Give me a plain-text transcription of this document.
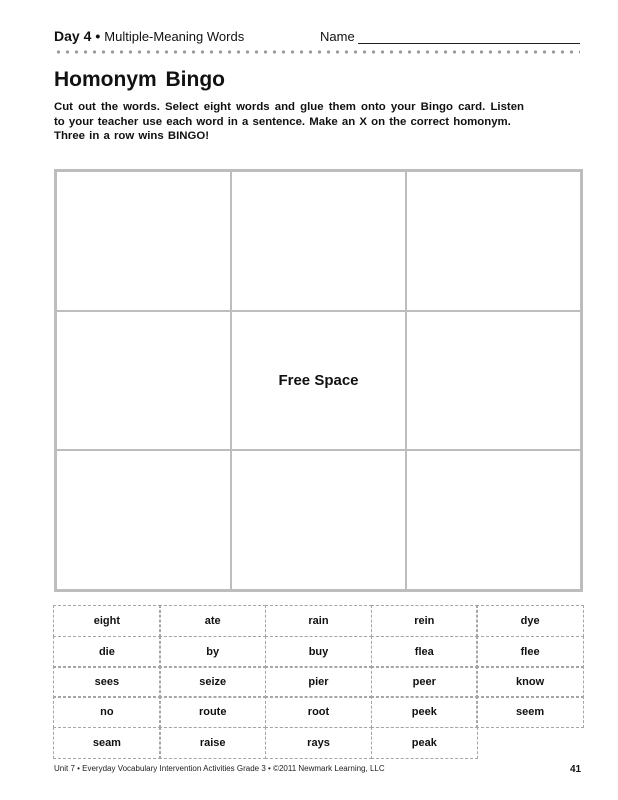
Day 4 • Multiple-Meaning Words	Name
Homonym Bingo

Cut out the words. Select eight words and glue them onto your Bingo card. Listen to your teacher use each word in a sentence. Make an X on the correct homonym.

Three in a row wins BINGO!

Free Space
eight	ate	rain	rein	dye
die	by	buy	flea	flee
sees	seize	pier	peer	know
no	route	root	peek	seem
seam	raise	rays	peak
Unit 7 • Everyday Vocabulary Intervention Activities Grade 3 • ©2011 Newmark Learning, LLC	41
